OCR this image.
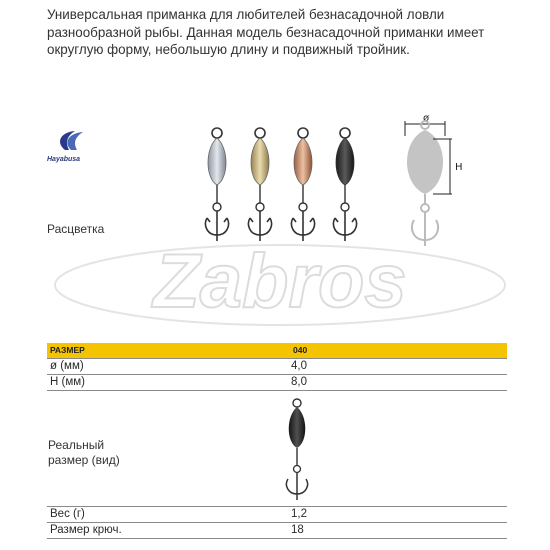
Универсальная приманка для любителей безнасадочной ловли разнообразной рыбы. Данная модель безнасадочной приманки имеет округлую форму, небольшую длину и подвижный тройник.
Hayabusa
Расцветка
Zabros
ø
H
РАЗМЕР	040
ø (мм)	4,0
H (мм)	8,0
Реальный размер (вид)
Вес (г)	1,2
Размер крюч.	18
